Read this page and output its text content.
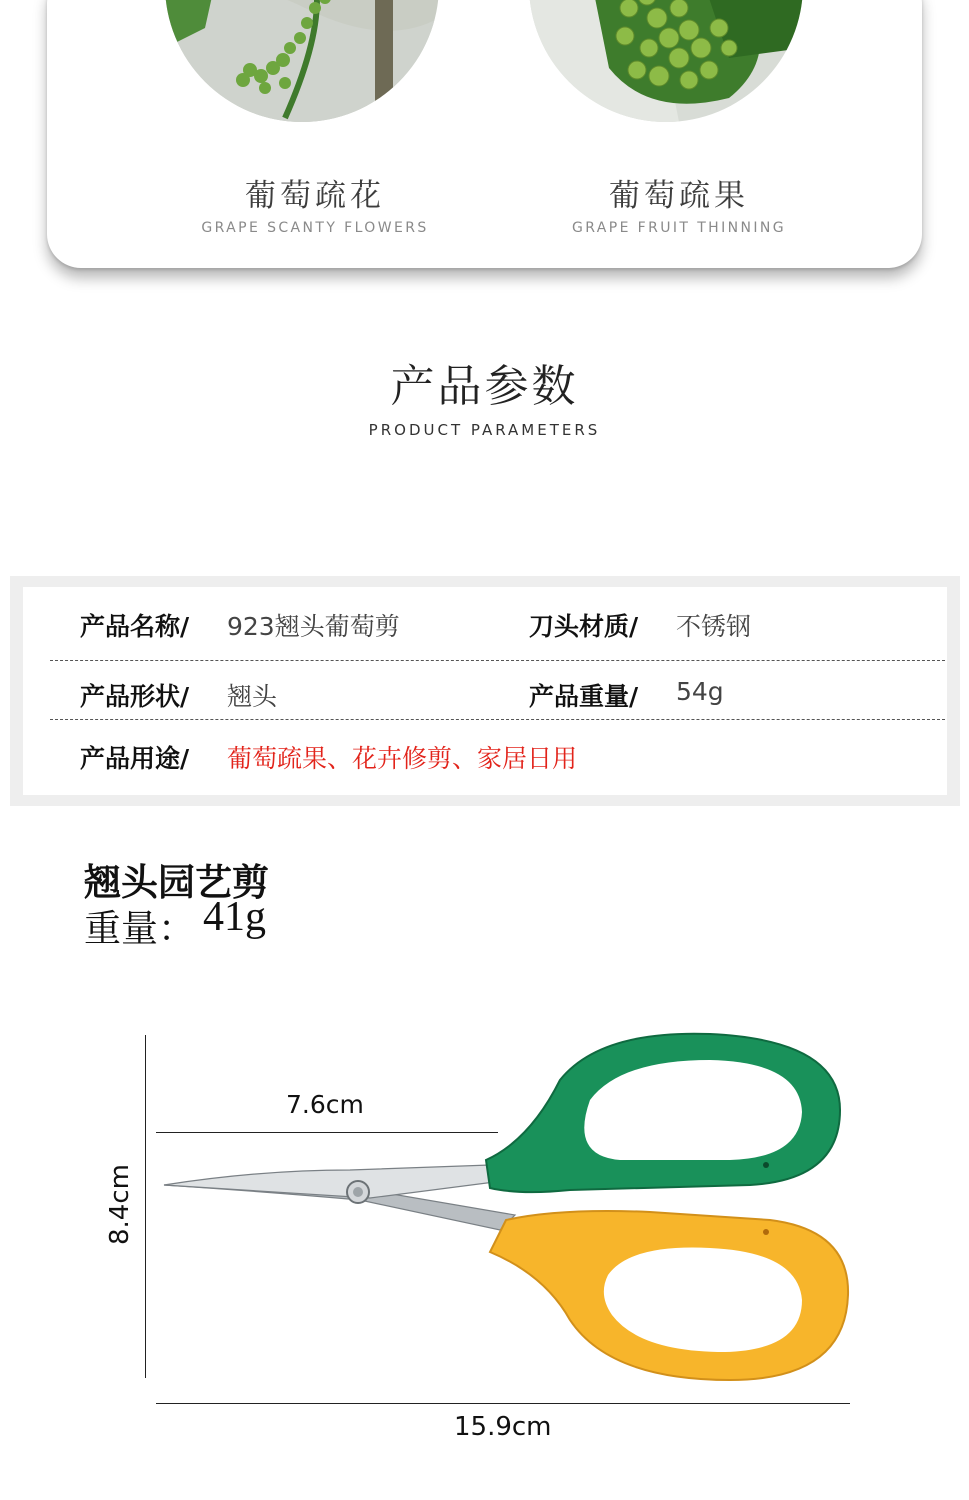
葡萄疏花
GRAPE SCANTY FLOWERS
葡萄疏果
GRAPE FRUIT THINNING
产品参数
PRODUCT PARAMETERS
产品名称/ 923翘头葡萄剪	刀头材质/ 不锈钢
产品形状/ 翘头	产品重量/ 54g
产品用途/ 葡萄疏果、花卉修剪、家居日用
翘头园艺剪
重量： 41g
7.6cm
8.4cm
15.9cm
